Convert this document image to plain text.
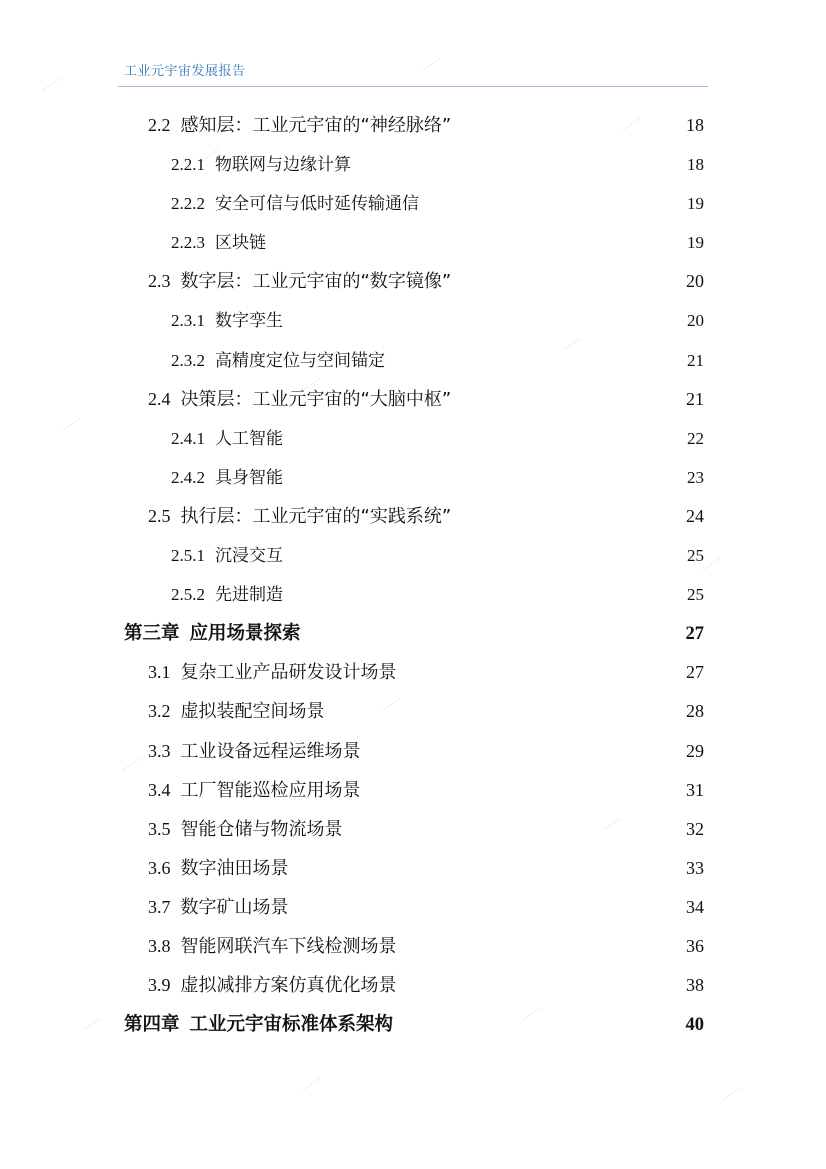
工业元宇宙发展报告
2.2 感知层：工业元宇宙的“神经脉络” . . .	18
2.2.1 物联网与边缘计算 . . .	18
2.2.2 安全可信与低时延传输通信 . . .	19
2.2.3 区块链 . . .	19
2.3 数字层：工业元宇宙的“数字镜像” . . .	20
2.3.1 数字孪生 . . .	20
2.3.2 高精度定位与空间锚定 . . .	21
2.4 决策层：工业元宇宙的“大脑中枢” . . .	21
2.4.1 人工智能 . . .	22
2.4.2 具身智能 . . .	23
2.5 执行层：工业元宇宙的“实践系统” . . .	24
2.5.1 沉浸交互 . . .	25
2.5.2 先进制造 . . .	25
第三章 应用场景探索 . . .	27
3.1 复杂工业产品研发设计场景 . . .	27
3.2 虚拟装配空间场景 . . .	28
3.3 工业设备远程运维场景 . . .	29
3.4 工厂智能巡检应用场景 . . .	31
3.5 智能仓储与物流场景 . . .	32
3.6 数字油田场景 . . .	33
3.7 数字矿山场景 . . .	34
3.8 智能网联汽车下线检测场景 . . .	36
3.9 虚拟减排方案仿真优化场景 . . .	38
第四章 工业元宇宙标准体系架构 . . .	40
·········
·········
·········
·········
·········
·········
·········
·········
·········
·········
·········
·········
·········
·········
·········
